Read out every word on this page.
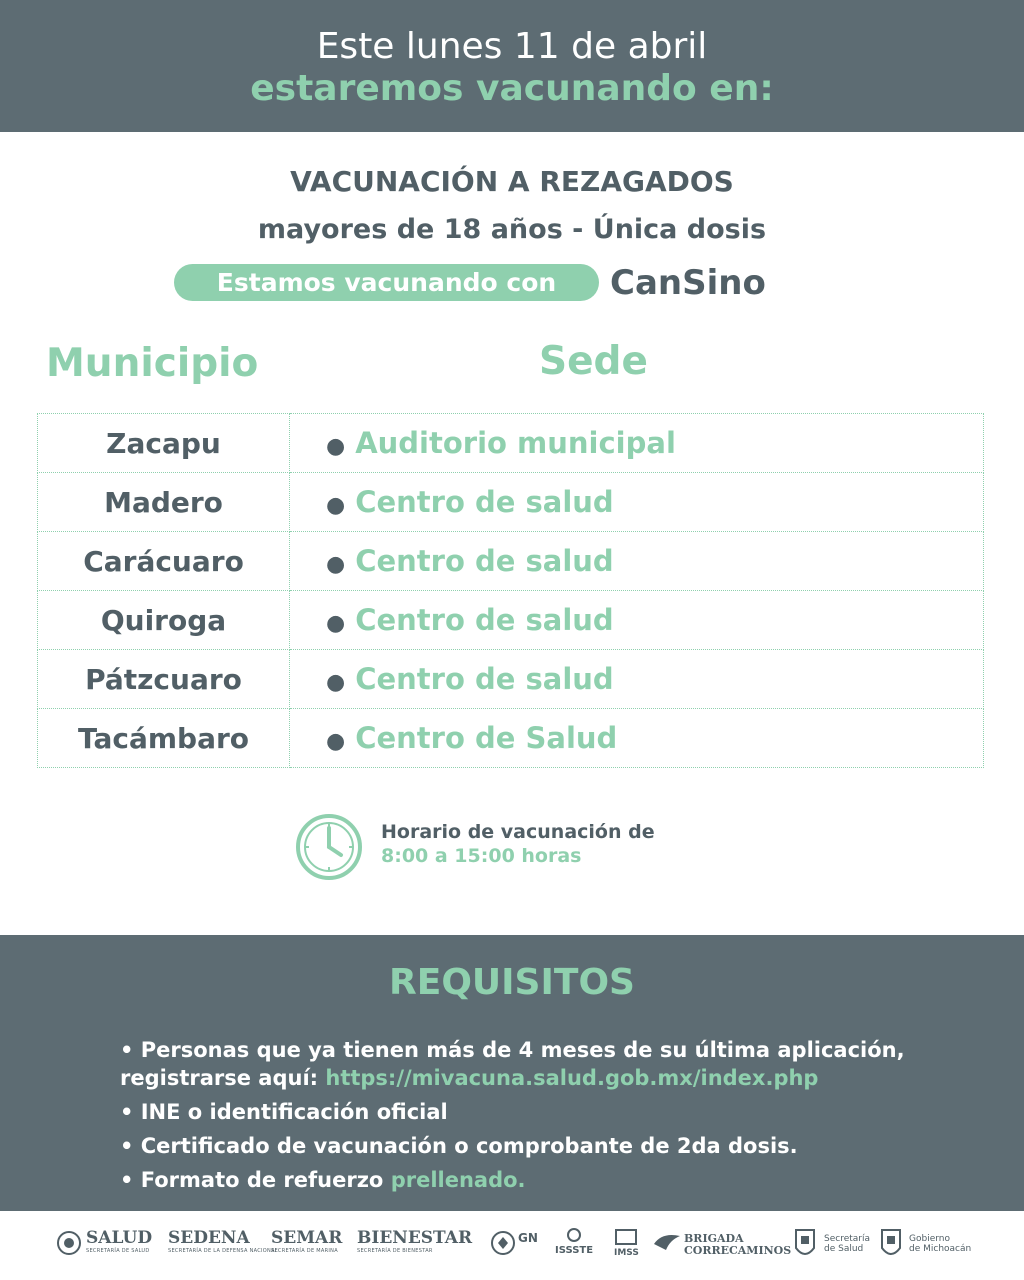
Este lunes 11 de abril
estaremos vacunando en:
VACUNACIÓN A REZAGADOS
mayores de 18 años - Única dosis
Estamos vacunando con	CanSino
Municipio	Sede
Zacapu	● Auditorio municipal
Madero	● Centro de salud
Carácuaro	● Centro de salud
Quiroga	● Centro de salud
Pátzcuaro	● Centro de salud
Tacámbaro	● Centro de Salud
Horario de vacunación de
8:00 a 15:00 horas
REQUISITOS
• Personas que ya tienen más de 4 meses de su última aplicación, registrarse aquí: https://mivacuna.salud.gob.mx/index.php
• INE o identificación oficial
• Certificado de vacunación o comprobante de 2da dosis.
• Formato de refuerzo prellenado.
SALUD
SECRETARÍA DE SALUD
SEDENA
SECRETARÍA DE LA DEFENSA NACIONAL
SEMAR
SECRETARÍA DE MARINA
BIENESTAR
SECRETARÍA DE BIENESTAR
GN
ISSSTE IMSS
BRIGADA
CORRECAMINOS
Secretaría
de Salud
Gobierno
de Michoacán
